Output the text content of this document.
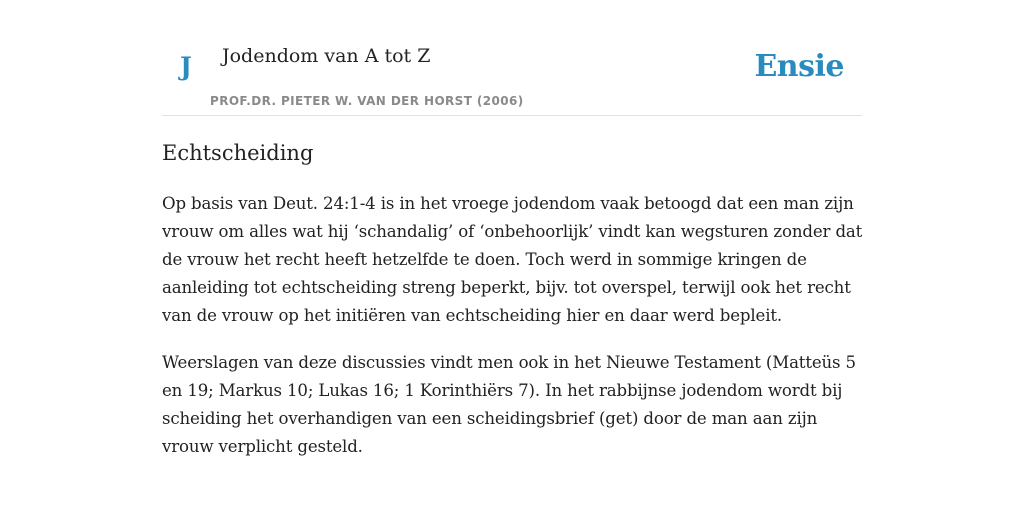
J Jodendom van A tot Z
PROF.DR. PIETER W. VAN DER HORST (2006)
Ensie
Echtscheiding

Op basis van Deut. 24:1-4 is in het vroege jodendom vaak betoogd dat een man zijn vrouw om alles wat hij ‘schandalig’ of ‘onbehoorlijk’ vindt kan wegsturen zonder dat de vrouw het recht heeft hetzelfde te doen. Toch werd in sommige kringen de aanleiding tot echtscheiding streng beperkt, bijv. tot overspel, terwijl ook het recht van de vrouw op het initiëren van echtscheiding hier en daar werd bepleit.

Weerslagen van deze discussies vindt men ook in het Nieuwe Testament (Matteüs 5 en 19; Markus 10; Lukas 16; 1 Korinthiërs 7). In het rabbijnse jodendom wordt bij scheiding het overhandigen van een scheidingsbrief (get) door de man aan zijn vrouw verplicht gesteld.
